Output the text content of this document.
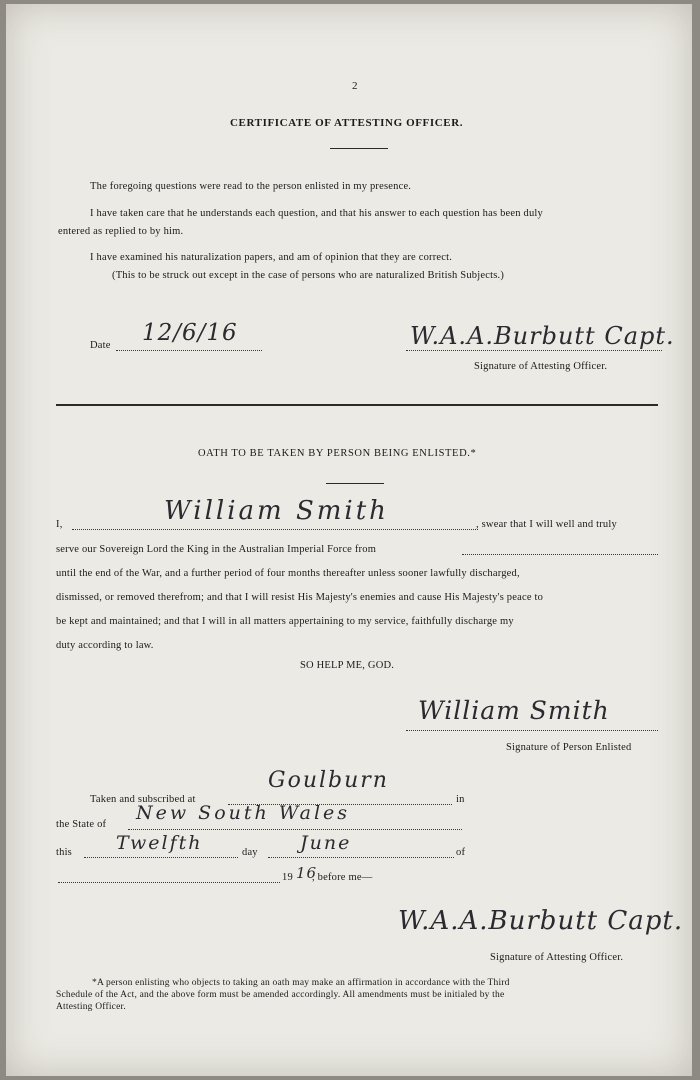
2
CERTIFICATE OF ATTESTING OFFICER.
The foregoing questions were read to the person enlisted in my presence.
I have taken care that he understands each question, and that his answer to each question has been duly
entered as replied to by him.
I have examined his naturalization papers, and am of opinion that they are correct.
(This to be struck out except in the case of persons who are naturalized British Subjects.)
Date 12/6/16	W.A.A.Burbutt Capt.
Signature of Attesting Officer.
OATH TO BE TAKEN BY PERSON BEING ENLISTED.*
I,	William Smith	, swear that I will well and truly
serve our Sovereign Lord the King in the Australian Imperial Force from
until the end of the War, and a further period of four months thereafter unless sooner lawfully discharged,
dismissed, or removed therefrom; and that I will resist His Majesty's enemies and cause His Majesty's peace to
be kept and maintained; and that I will in all matters appertaining to my service, faithfully discharge my
duty according to law.
SO HELP ME, GOD.
William Smith
Signature of Person Enlisted
Taken and subscribed at
Goulburn
in
the State of
New South Wales
this Twelfth	day June	of
19 16
, before me—
W.A.A.Burbutt Capt.
Signature of Attesting Officer.
*A person enlisting who objects to taking an oath may make an affirmation in accordance with the Third
Schedule of the Act, and the above form must be amended accordingly. All amendments must be initialed by the
Attesting Officer.
